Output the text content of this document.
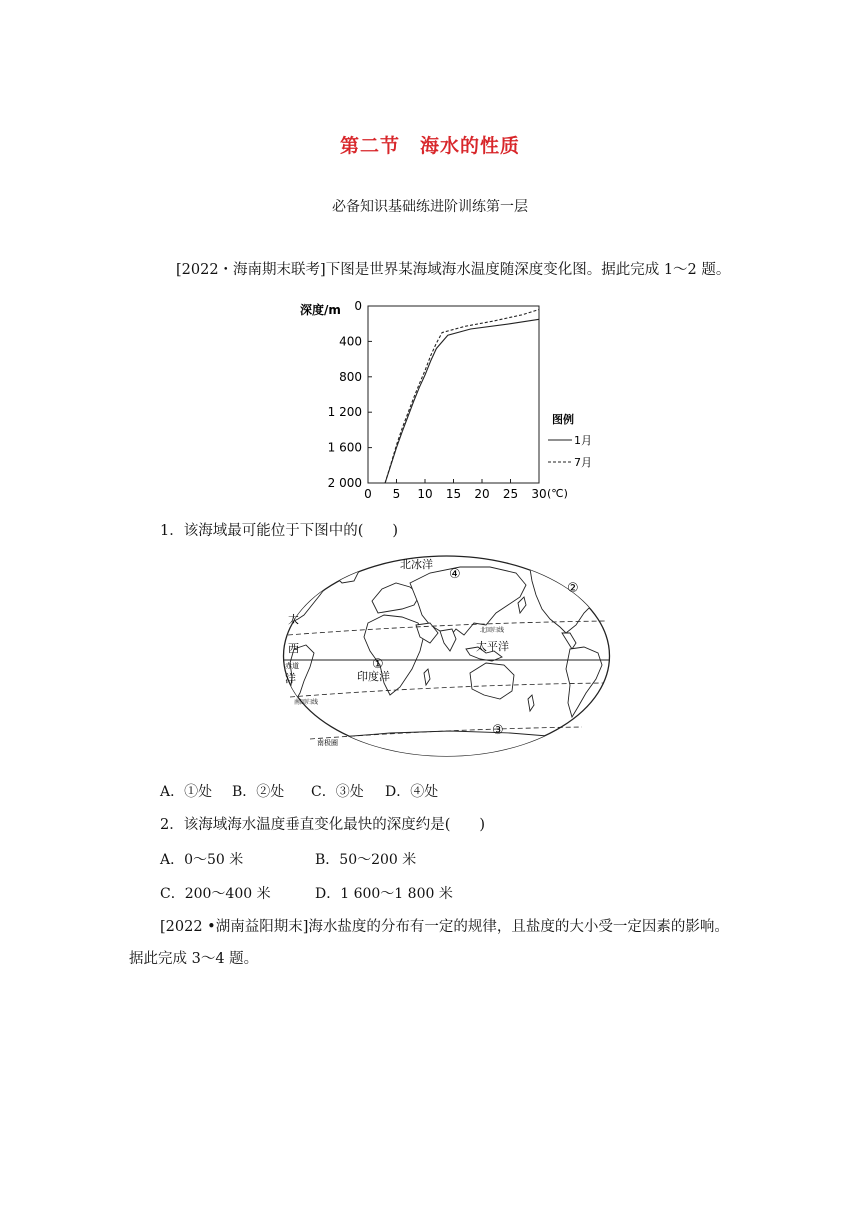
第二节　海水的性质
必备知识基础练进阶训练第一层
[2022・海南期末联考]下图是世界某海域海水温度随深度变化图。据此完成 1～2 题。
深度/m 0
400
800
1 200
1 600
2 000
0 5 10 15 20 25 30 (℃)
图例
1月
7月
1．该海域最可能位于下图中的(　　)
北冰洋
太
西
赤道
洋
南回归线
印度洋
北回归线
太平洋
南极圈
①
②
③
④
A．①处 B．②处 C．③处 D．④处
2．该海域海水温度垂直变化最快的深度约是(　　)
A．0～50 米	B．50～200 米
C．200～400 米	D．1 600～1 800 米
[2022 •湖南益阳期末]海水盐度的分布有一定的规律，且盐度的大小受一定因素的影响。
据此完成 3～4 题。
